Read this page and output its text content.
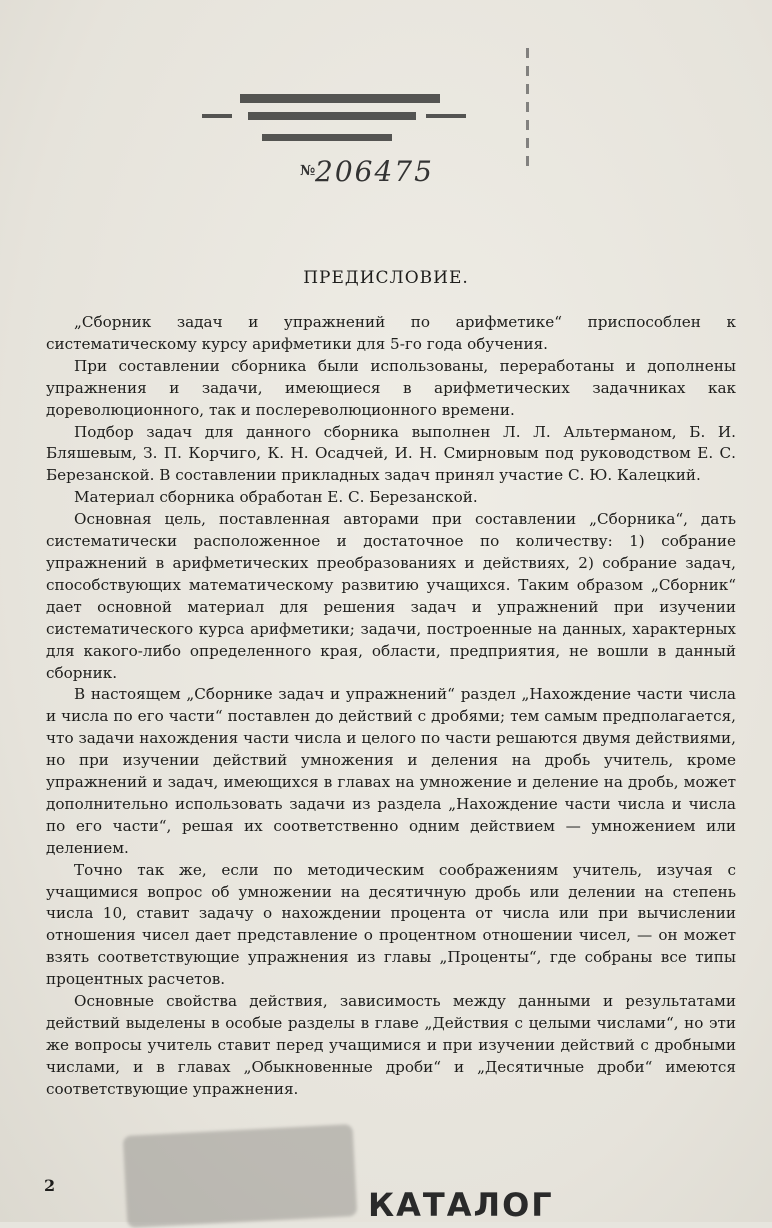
№ 206475
ПРЕДИСЛОВИЕ.

„Сборник задач и упражнений по арифметике“ приспособлен к систематическому курсу арифметики для 5-го года обучения.

При составлении сборника были использованы, переработаны и дополнены упражнения и задачи, имеющиеся в арифметических задачниках как дореволюционного, так и послереволюционного времени.

Подбор задач для данного сборника выполнен Л. Л. Альтерманом, Б. И. Бляшевым, З. П. Корчиго, К. Н. Осадчей, И. Н. Смирновым под руководством Е. С. Березанской. В составлении прикладных задач принял участие С. Ю. Калецкий.

Материал сборника обработан Е. С. Березанской.

Основная цель, поставленная авторами при составлении „Сборника“, дать систематически расположенное и достаточное по количеству: 1) собрание упражнений в арифметических преобразованиях и действиях, 2) собрание задач, способствующих математическому развитию учащихся. Таким образом „Сборник“ дает основной материал для решения задач и упражнений при изучении систематического курса арифметики; задачи, построенные на данных, характерных для какого-либо определенного края, области, предприятия, не вошли в данный сборник.

В настоящем „Сборнике задач и упражнений“ раздел „Нахождение части числа и числа по его части“ поставлен до действий с дробями; тем самым предполагается, что задачи нахождения части числа и целого по части решаются двумя действиями, но при изучении действий умножения и деления на дробь учитель, кроме упражнений и задач, имеющихся в главах на умножение и деление на дробь, может дополнительно использовать задачи из раздела „Нахождение части числа и числа по его части“, решая их соответственно одним действием — умножением или делением.

Точно так же, если по методическим соображениям учитель, изучая с учащимися вопрос об умножении на десятичную дробь или делении на степень числа 10, ставит задачу о нахождении процента от числа или при вычислении отношения чисел дает представление о процентном отношении чисел, — он может взять соответствующие упражнения из главы „Проценты“, где собраны все типы процентных расчетов.

Основные свойства действия, зависимость между данными и результатами действий выделены в особые разделы в главе „Действия с целыми числами“, но эти же вопросы учитель ставит перед учащимися и при изучении действий с дробными числами, и в главах „Обыкновенные дроби“ и „Десятичные дроби“ имеются соответствующие упражнения.

2
КАТАЛОГ
